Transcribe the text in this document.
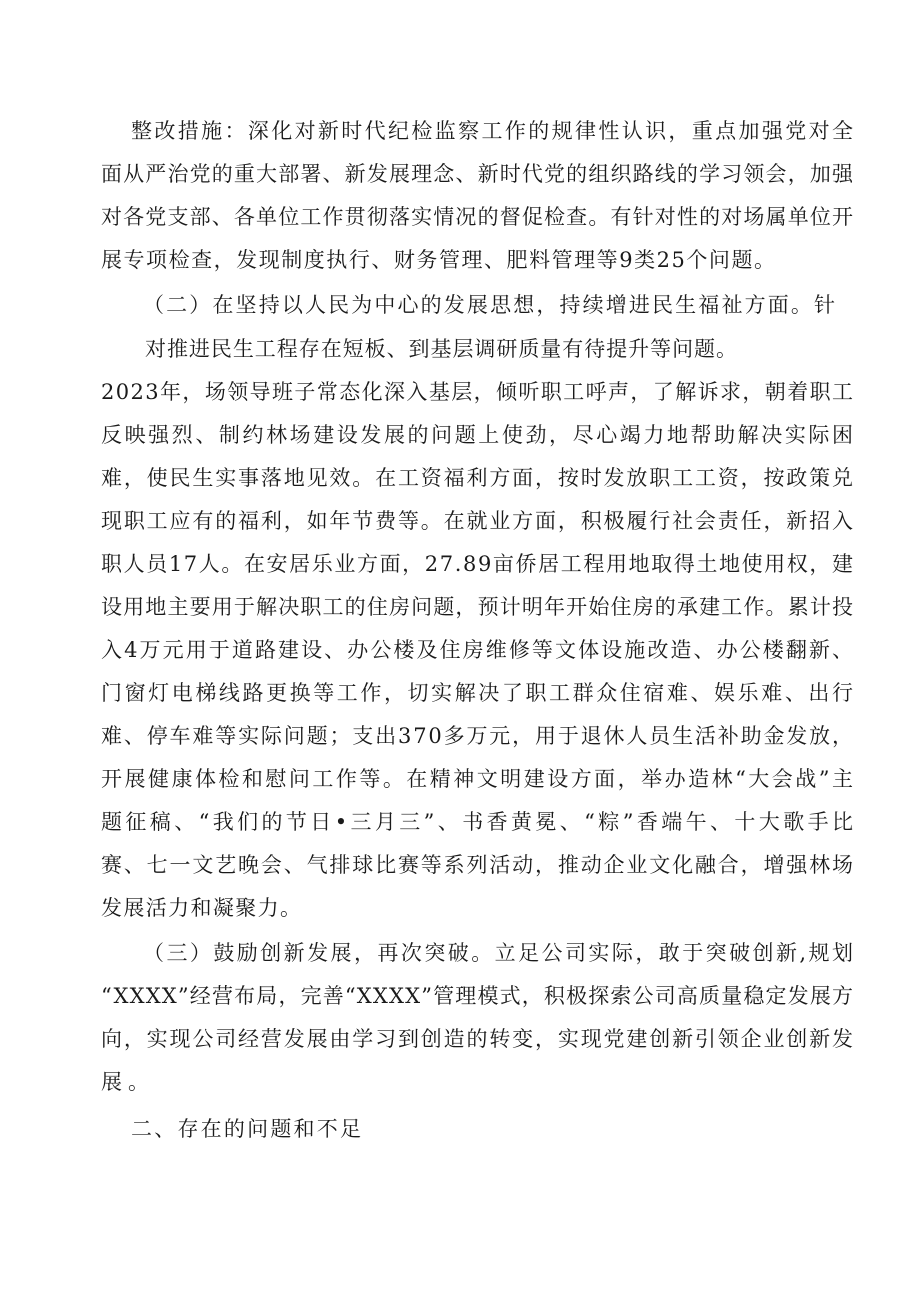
整改措施：深化对新时代纪检监察工作的规律性认识，重点加强党对全
面从严治党的重大部署、新发展理念、新时代党的组织路线的学习领会，加强
对各党支部、各单位工作贯彻落实情况的督促检查。有针对性的对场属单位开
展专项检查，发现制度执行、财务管理、肥料管理等9类25个问题。
（二）在坚持以人民为中心的发展思想，持续增进民生福祉方面。针
对推进民生工程存在短板、到基层调研质量有待提升等问题。
2023年，场领导班子常态化深入基层，倾听职工呼声，了解诉求，朝着职工
反映强烈、制约林场建设发展的问题上使劲，尽心竭力地帮助解决实际困
难，使民生实事落地见效。在工资福利方面，按时发放职工工资，按政策兑
现职工应有的福利，如年节费等。在就业方面，积极履行社会责任，新招入
职人员17人。在安居乐业方面，27.89亩侨居工程用地取得土地使用权，建
设用地主要用于解决职工的住房问题，预计明年开始住房的承建工作。累计投
入4万元用于道路建设、办公楼及住房维修等文体设施改造、办公楼翻新、
门窗灯电梯线路更换等工作，切实解决了职工群众住宿难、娱乐难、出行
难、停车难等实际问题；支出370多万元，用于退休人员生活补助金发放，
开展健康体检和慰问工作等。在精神文明建设方面，举办造林“大会战”主
题征稿、“我们的节日•三月三”、书香黄冕、“粽”香端午、十大歌手比
赛、七一文艺晚会、气排球比赛等系列活动，推动企业文化融合，增强林场
发展活力和凝聚力。
（三）鼓励创新发展，再次突破。立足公司实际，敢于突破创新,规划
“XXXX”经营布局，完善“XXXX”管理模式，积极探索公司高质量稳定发展方
向，实现公司经营发展由学习到创造的转变，实现党建创新引领企业创新发
展。
二、存在的问题和不足
